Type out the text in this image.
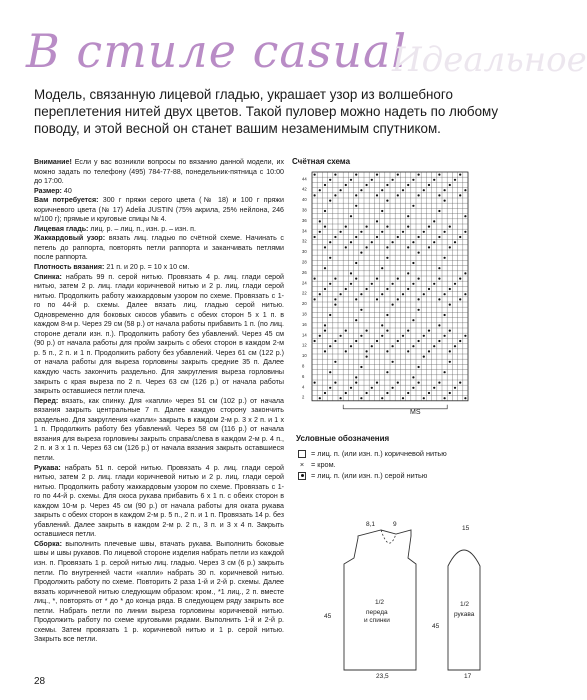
В стиле casual
Идеальное
Модель, связанную лицевой гладью, украшает узор из волшебного переплетения нитей двух цветов. Такой пуловер можно надеть по любому поводу, и этой весной он станет вашим незаменимым спутником.

Внимание! Если у вас возникли вопросы по вязанию данной модели, их можно задать по телефону (495) 784-77-88, понедельник-пятница с 10:00 до 17:00.

Размер: 40

Вам потребуется: 300 г пряжи серого цвета (№ 18) и 100 г пряжи коричневого цвета (№ 17) Adelia JUSTIN (75% акрила, 25% нейлона, 246 м/100 г); прямые и круговые спицы № 4.

Лицевая гладь: лиц. р. – лиц. п., изн. р. – изн. п.

Жаккардовый узор: вязать лиц. гладью по счётной схеме. Начинать с петель до раппорта, повторять петли раппорта и заканчивать петлями после раппорта.

Плотность вязания: 21 п. и 20 р. = 10 х 10 см.

Спинка: набрать 99 п. серой нитью. Провязать 4 р. лиц. глади серой нитью, затем 2 р. лиц. глади коричневой нитью и 2 р. лиц. глади серой нитью. Продолжить работу жаккардовым узором по схеме. Провязать с 1-го по 44-й р. схемы. Далее вязать лиц. гладью серой нитью. Одновременно для боковых скосов убавить с обеих сторон 5 х 1 п. в каждом 8-м р. Через 29 см (58 р.) от начала работы прибавить 1 п. (по лиц. стороне детали изн. п.). Продолжить работу без убавлений. Через 45 см (90 р.) от начала работы для пройм закрыть с обеих сторон в каждом 2-м р. 5 п., 2 п. и 1 п. Продолжить работу без убавлений. Через 61 см (122 р.) от начала работы для выреза горловины закрыть средние 35 п. Далее каждую часть закончить раздельно. Для закругления выреза горловины закрыть с края выреза по 2 п. Через 63 см (126 р.) от начала работы закрыть оставшиеся петли плеча.

Перед: вязать, как спинку. Для «капли» через 51 см (102 р.) от начала вязания закрыть центральные 7 п. Далее каждую сторону закончить раздельно. Для закругления «капли» закрыть в каждом 2-м р. 3 х 2 п. и 1 х 1 п. Продолжить работу без убавлений. Через 58 см (116 р.) от начала вязания для выреза горловины закрыть справа/слева в каждом 2-м р. 4 п., 2 п. и 3 х 1 п. Через 63 см (126 р.) от начала вязания закрыть оставшиеся петли.

Рукава: набрать 51 п. серой нитью. Провязать 4 р. лиц. глади серой нитью, затем 2 р. лиц. глади коричневой нитью и 2 р. лиц. глади серой нитью. Продолжить работу жаккардовым узором по схеме. Провязать с 1-го по 44-й р. схемы. Для скоса рукава прибавить 6 х 1 п. с обеих сторон в каждом 10-м р. Через 45 см (90 р.) от начала работы для оката рукава закрыть с обеих сторон в каждом 2-м р. 5 п., 2 п. и 1 п. Провязать 14 р. без убавлений. Далее закрыть в каждом 2-м р. 2 п., 3 п. и 3 х 4 п. Закрыть оставшиеся петли.

Сборка: выполнить плечевые швы, втачать рукава. Выполнить боковые швы и швы рукавов. По лицевой стороне изделия набрать петли из каждой изн. п. Провязать 1 р. серой нитью лиц. гладью. Через 3 см (6 р.) закрыть петли. По внутренней части «капли» набрать 30 п. коричневой нитью. Продолжить работу по схеме. Повторить 2 раза 1-й и 2-й р. схемы. Далее вязать коричневой нитью следующим образом: кром., *1 лиц., 2 п. вместе лиц., *, повторять от * до * до конца ряда. В следующем ряду закрыть все петли. Набрать петли по линии выреза горловины коричневой нитью. Продолжить работу по схеме круговыми рядами. Выполнить 1-й и 2-й р. схемы. Затем провязать 1 р. коричневой нитью и 1 р. серой нитью. Закрыть все петли.

Счётная схема
44
42
40
38
36
34
32
30
28
26
24
22
20
18
16
14
12
10
8
6
4
2
MS
Условные обозначения
= лиц. п. (или изн. п.) коричневой нитью
× = кром.
= лиц. п. (или изн. п.) серой нитью
1/2
переда
и спинки
8,1	9
45
23,5
1/2
рукава
45
17
15
28
